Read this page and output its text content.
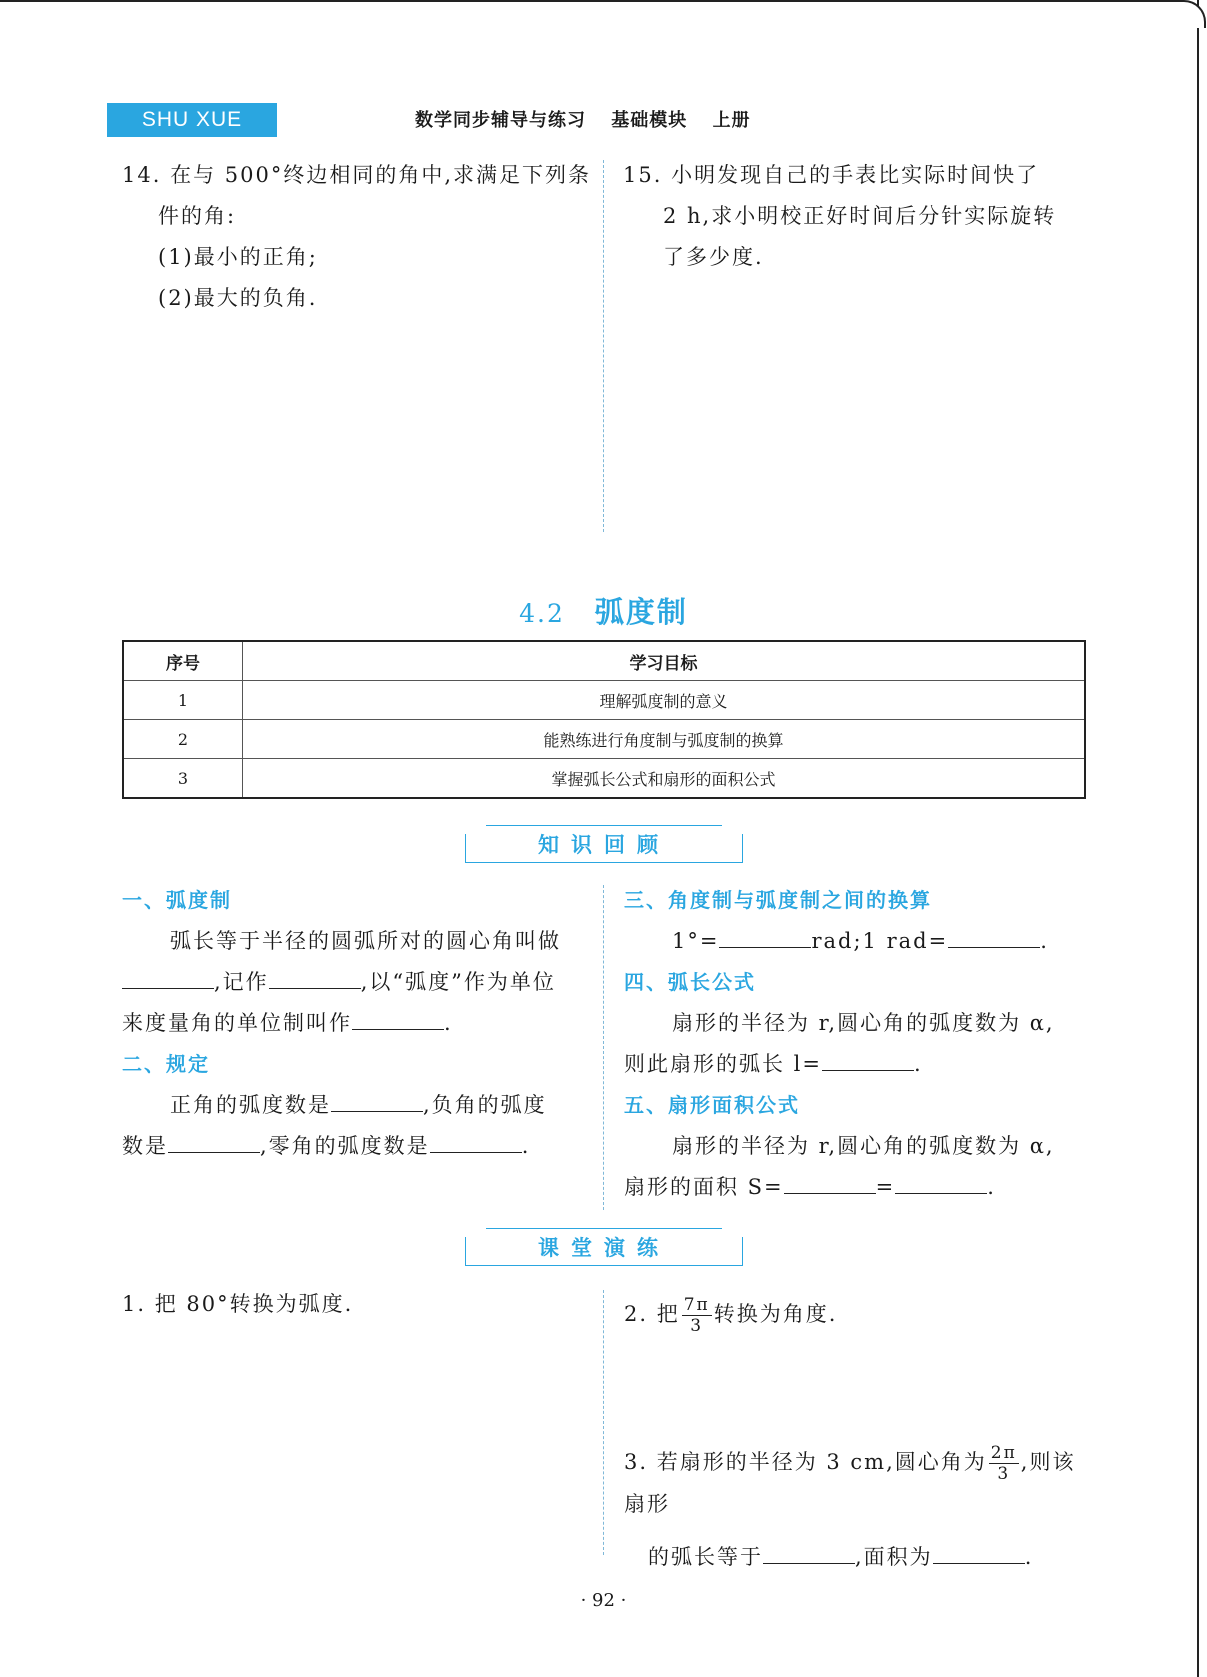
SHU XUE	数学同步辅导与练习 基础模块 上册
14. 在与 500°终边相同的角中,求满足下列条
件的角:
(1)最小的正角;
(2)最大的负角.
15. 小明发现自己的手表比实际时间快了
2 h,求小明校正好时间后分针实际旋转
了多少度.
4.2 弧度制
序号	学习目标
1	理解弧度制的意义
2	能熟练进行角度制与弧度制的换算
3	掌握弧长公式和扇形的面积公式
知识回顾
一、弧度制
弧长等于半径的圆弧所对的圆心角叫做
,记作	,以“弧度”作为单位
来度量角的单位制叫作	.
二、规定
正角的弧度数是	,负角的弧度
数是	,零角的弧度数是	.
三、角度制与弧度制之间的换算
1°=	rad;1 rad=	.
四、弧长公式
扇形的半径为 r,圆心角的弧度数为 α,
则此扇形的弧长 l=	.
五、扇形面积公式
扇形的半径为 r,圆心角的弧度数为 α,
扇形的面积 S=	=	.
课堂演练
1. 把 80°转换为弧度.	2. 把 $\frac{7\pi}{3}$ 转换为角度.
3. 若扇形的半径为 3 cm,圆心角为 $\frac{2\pi}{3}$ ,则该扇形
的弧长等于	,面积为	.
· 92 ·
